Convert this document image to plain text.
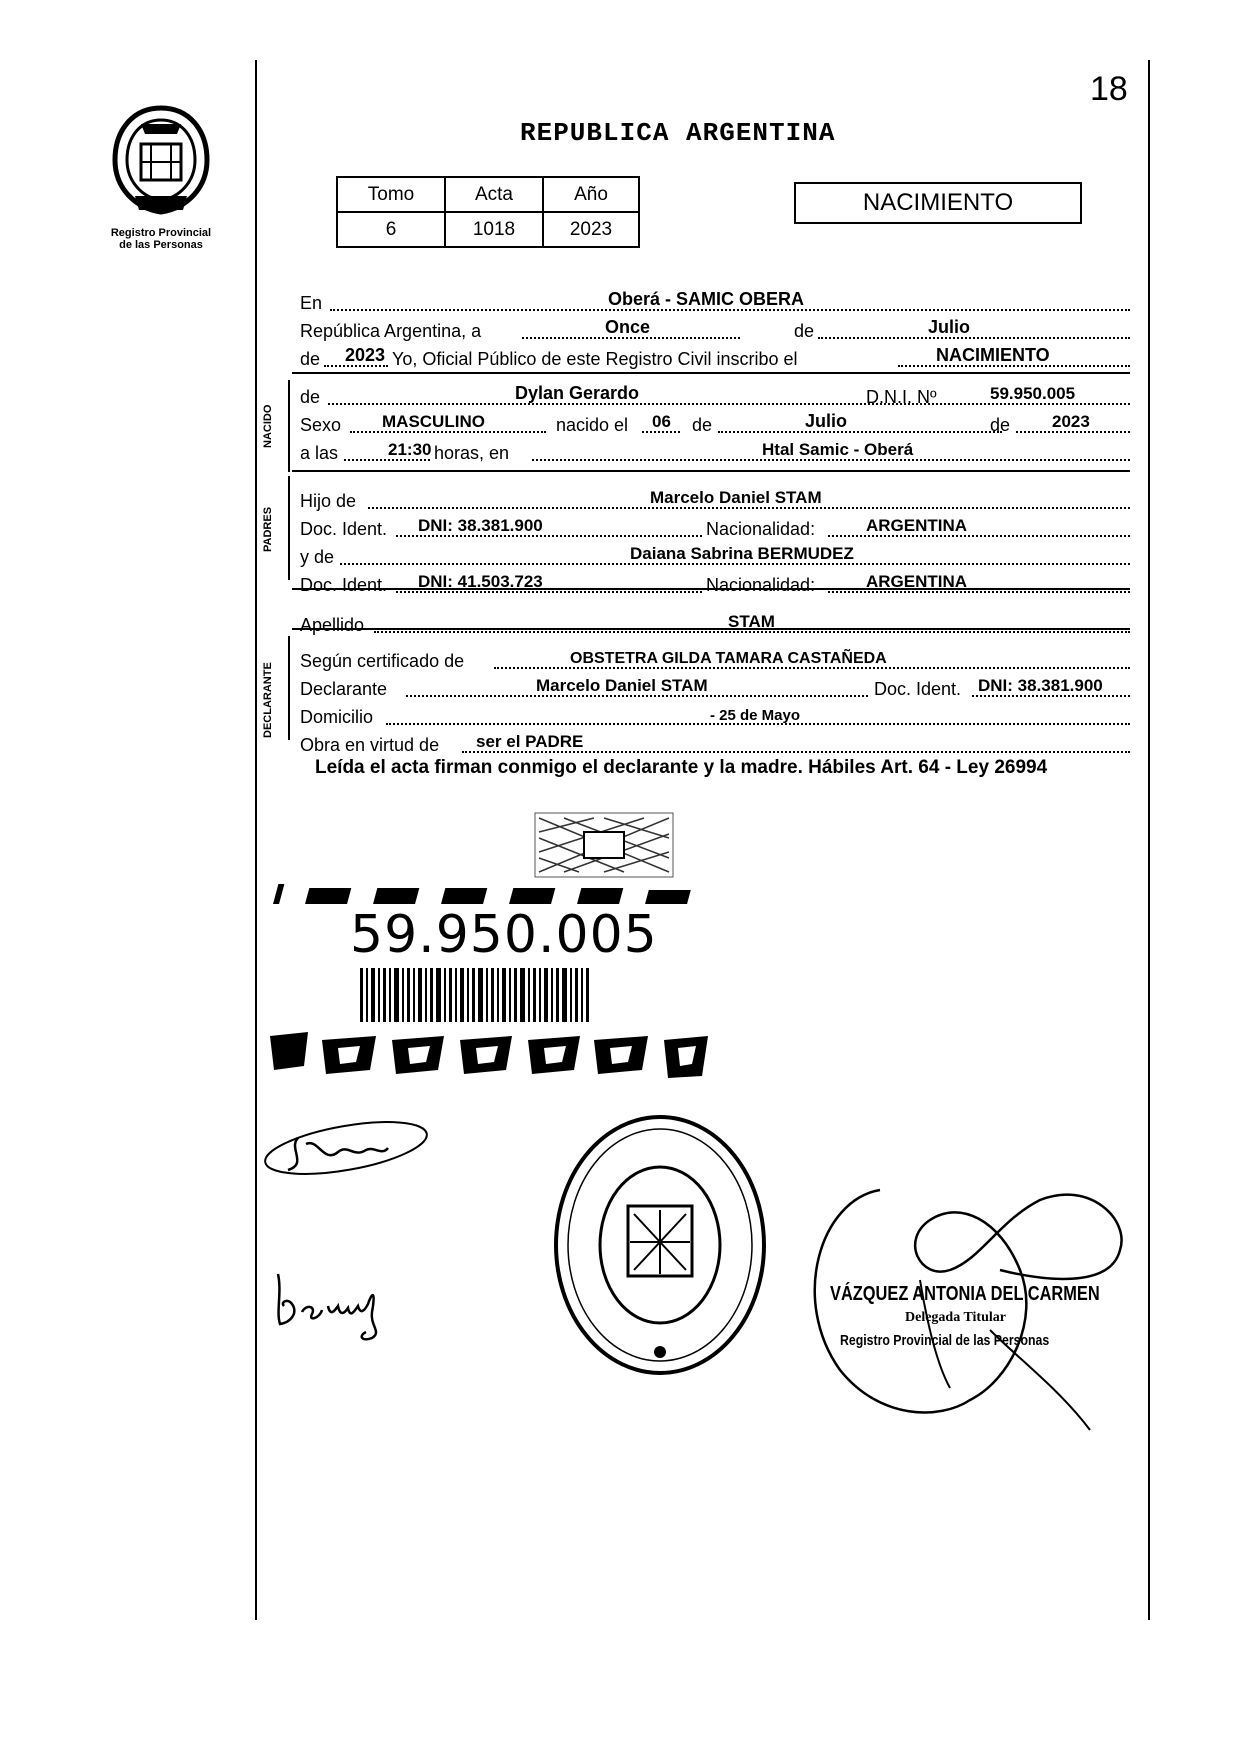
18
Registro Provincial
de las Personas
REPUBLICA ARGENTINA
Tomo	Acta	Año
6	1018	2023
NACIMIENTO
En	Oberá - SAMIC OBERA
República Argentina, a	Once	de	Julio
de 2023 Yo, Oficial Público de este Registro Civil inscribo el	NACIMIENTO
NACIDO
de	Dylan Gerardo	D.N.I. Nº	59.950.005
Sexo MASCULINO	nacido el 06 de	Julio	de 2023
a las	21:30 horas, en	Htal Samic - Oberá
PADRES
Hijo de	Marcelo Daniel STAM
Doc. Ident. DNI: 38.381.900	Nacionalidad:	ARGENTINA
y de	Daiana Sabrina BERMUDEZ
Doc. Ident. DNI: 41.503.723	Nacionalidad:	ARGENTINA
Apellido	STAM
DECLARANTE
Según certificado de	OBSTETRA GILDA TAMARA CASTAÑEDA
Declarante	Marcelo Daniel STAM	Doc. Ident. DNI: 38.381.900
Domicilio	- 25 de Mayo
Obra en virtud de ser el PADRE
Leída el acta firman conmigo el declarante y la madre. Hábiles Art. 64 - Ley 26994
59.950.005
VÁZQUEZ ANTONIA DEL CARMEN
Delegada Titular
Registro Provincial de las Personas
